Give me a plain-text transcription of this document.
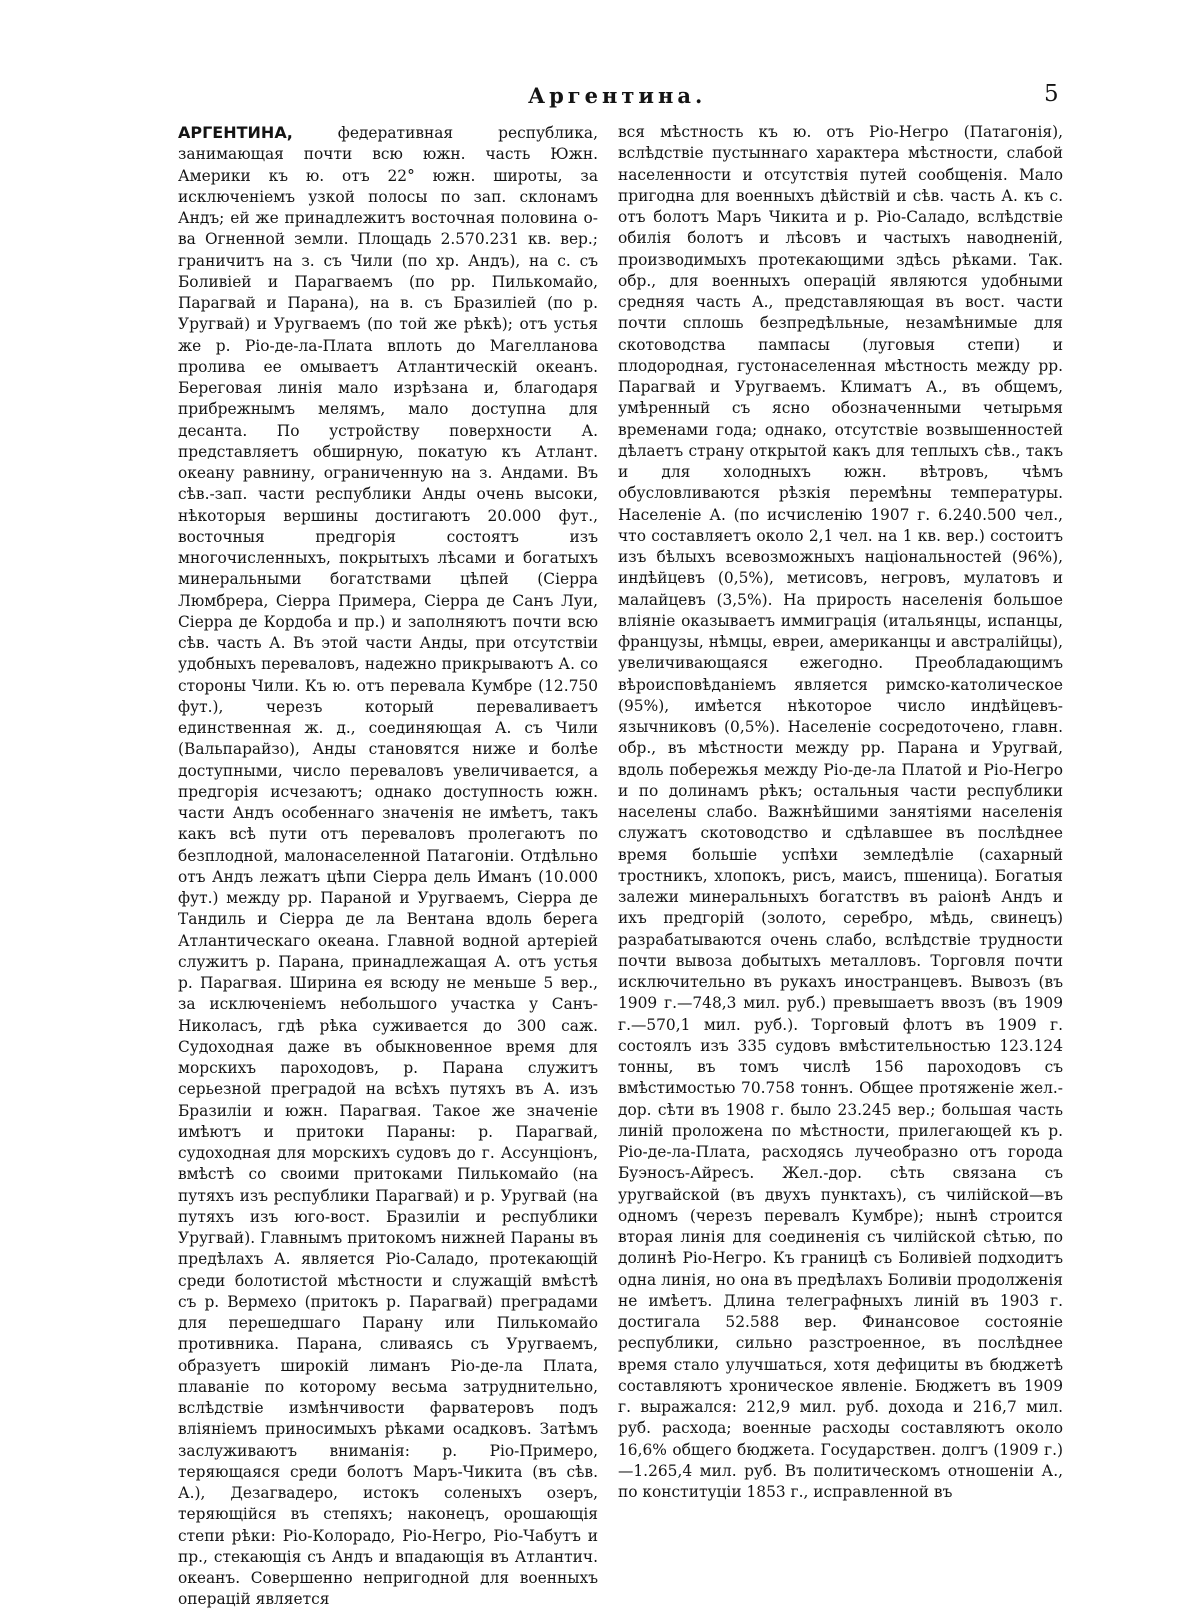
Аргентина.	5

АРГЕНТИНА,	федеративная республика, занимающая почти всю южн. часть Южн. Америки къ ю. отъ 22° южн. широты, за исключеніемъ узкой полосы по зап. склонамъ Андъ; ей же принадлежитъ восточная половина о-ва Огненной земли. Площадь 2.570.231 кв. вер.; граничитъ на з. съ Чили (по хр. Андъ), на с. съ Боливіей и Парагваемъ (по рр. Пилькомайо, Парагвай и Парана), на в. съ Бразиліей (по р. Уругвай) и Уругваемъ (по той же рѣкѣ); отъ устья же р. Ріо-де-ла-Плата вплоть до Магелланова пролива ее омываетъ Атлантическій океанъ. Береговая линія мало изрѣзана и, благодаря прибрежнымъ мелямъ, мало доступна для десанта. По устройству поверхности А. представляетъ обширную, покатую къ Атлант. океану равнину, ограниченную на з. Андами. Въ сѣв.-зап. части республики Анды очень высоки, нѣкоторыя вершины достигаютъ 20.000 фут., восточныя предгорія состоятъ изъ многочисленныхъ, покрытыхъ лѣсами и богатыхъ минеральными богатствами цѣпей (Сіерра Люмбрера, Сіерра Примера, Сіерра де Санъ Луи, Сіерра де Кордоба и пр.) и заполняютъ почти всю сѣв. часть А. Въ этой части Анды, при отсутствіи удобныхъ переваловъ, надежно прикрываютъ А. со стороны Чили. Къ ю. отъ перевала Кумбре (12.750 фут.), черезъ который переваливаетъ единственная ж. д., соединяющая А. съ Чили (Вальпарайзо), Анды становятся ниже и болѣе доступными, число переваловъ увеличивается, а предгорія исчезаютъ; однако доступность южн. части Андъ особеннаго значенія не имѣетъ, такъ какъ всѣ пути отъ переваловъ пролегаютъ по безплодной, малонаселенной Патагоніи. Отдѣльно отъ Андъ лежатъ цѣпи Сіерра дель Иманъ (10.000 фут.) между рр. Параной и Уругваемъ, Сіерра де Тандиль и Сіерра де ла Вентана вдоль берега Атлантическаго океана. Главной водной артеріей служитъ р. Парана, принадлежащая А. отъ устья р. Парагвая. Ширина ея всюду не меньше 5 вер., за исключеніемъ небольшого участка у Санъ-Николасъ, гдѣ рѣка суживается до 300 саж. Судоходная даже въ обыкновенное время для морскихъ пароходовъ, р. Парана служитъ серьезной преградой на всѣхъ путяхъ въ А. изъ Бразиліи и южн. Парагвая. Такое же значеніе имѣютъ и притоки Параны: р. Парагвай, судоходная для морскихъ судовъ до г. Ассунціонъ, вмѣстѣ со своими притоками Пилькомайо (на путяхъ изъ республики Парагвай) и р. Уругвай (на путяхъ изъ юго-вост. Бразиліи и республики Уругвай). Главнымъ притокомъ нижней Параны въ предѣлахъ А. является Ріо-Саладо, протекающій среди болотистой мѣстности и служащій вмѣстѣ съ р. Вермехо (притокъ р. Парагвай) преградами для перешедшаго Парану или Пилькомайо противника. Парана, сливаясь съ Уругваемъ, образуетъ широкій лиманъ Ріо-де-ла Плата, плаваніе по которому весьма затруднительно, вслѣдствіе измѣнчивости фарватеровъ подъ вліяніемъ приносимыхъ рѣками осадковъ. Затѣмъ заслуживаютъ вниманія: р. Ріо-Примеро, теряющаяся среди болотъ Маръ-Чикита (въ сѣв. А.), Дезагвадеро, истокъ соленыхъ озеръ, теряющійся въ степяхъ; наконецъ, орошающія степи рѣки: Ріо-Колорадо, Ріо-Негро, Ріо-Чабутъ и пр., стекающія съ Андъ и впадающія въ Атлантич. океанъ. Совершенно непригодной для военныхъ операцій является

вся мѣстность къ ю. отъ Ріо-Негро (Патагонія), вслѣдствіе пустыннаго характера мѣстности, слабой населенности и отсутствія путей сообщенія. Мало пригодна для военныхъ дѣйствій и сѣв. часть А. къ с. отъ болотъ Маръ Чикита и р. Ріо-Саладо, вслѣдствіе обилія болотъ и лѣсовъ и частыхъ наводненій, производимыхъ протекающими здѣсь рѣками. Так. обр., для военныхъ операцій являются удобными средняя часть А., представляющая въ вост. части почти сплошь безпредѣльные, незамѣнимые для скотоводства пампасы (луговыя степи) и плодородная, густонаселенная мѣстность между рр. Парагвай и Уругваемъ. Климатъ А., въ общемъ, умѣренный съ ясно обозначенными четырьмя временами года; однако, отсутствіе возвышенностей дѣлаетъ страну открытой какъ для теплыхъ сѣв., такъ и для холодныхъ южн. вѣтровъ, чѣмъ обусловливаются рѣзкія перемѣны температуры. Населеніе А. (по исчисленію 1907 г. 6.240.500 чел., что составляетъ около 2,1 чел. на 1 кв. вер.) состоитъ изъ бѣлыхъ всевозможныхъ національностей (96%), индѣйцевъ (0,5%), метисовъ, негровъ, мулатовъ и малайцевъ (3,5%). На прирость населенія большое вліяніе оказываетъ иммиграція (итальянцы, испанцы, французы, нѣмцы, евреи, американцы и австралійцы), увеличивающаяся ежегодно. Преобладающимъ вѣроисповѣданіемъ является римско-католическое (95%), имѣется нѣкоторое число индѣйцевъ-язычниковъ (0,5%). Населеніе сосредоточено, главн. обр., въ мѣстности между рр. Парана и Уругвай, вдоль побережья между Ріо-де-ла Платой и Ріо-Негро и по долинамъ рѣкъ; остальныя части республики населены слабо. Важнѣйшими занятіями населенія служатъ скотоводство и сдѣлавшее въ послѣднее время большіе успѣхи земледѣліе (сахарный тростникъ, хлопокъ, рисъ, маисъ, пшеница). Богатыя залежи минеральныхъ богатствъ въ раіонѣ Андъ и ихъ предгорій (золото, серебро, мѣдь, свинецъ) разрабатываются очень слабо, вслѣдствіе трудности почти вывоза добытыхъ металловъ. Торговля почти исключительно въ рукахъ иностранцевъ. Вывозъ (въ 1909 г.—748,3 мил. руб.) превышаетъ ввозъ (въ 1909 г.—570,1 мил. руб.). Торговый флотъ въ 1909 г. состоялъ изъ 335 судовъ вмѣстительностью 123.124 тонны, въ томъ числѣ 156 пароходовъ съ вмѣстимостью 70.758 тоннъ. Общее протяженіе жел.-дор. сѣти въ 1908 г. было 23.245 вер.; большая часть линій проложена по мѣстности, прилегающей къ р. Ріо-де-ла-Плата, расходясь лучеобразно отъ города Буэносъ-Айресъ. Жел.-дор. сѣть связана съ уругвайской (въ двухъ пунктахъ), съ чилійской—въ одномъ (черезъ перевалъ Кумбре); нынѣ строится вторая линія для соединенія съ чилійской сѣтью, по долинѣ Ріо-Негро. Къ границѣ съ Боливіей подходитъ одна линія, но она въ предѣлахъ Боливіи продолженія не имѣетъ. Длина телеграфныхъ линій въ 1903 г. достигала 52.588 вер. Финансовое состояніе республики, сильно разстроенное, въ послѣднее время стало улучшаться, хотя дефициты въ бюджетѣ составляютъ хроническое явленіе. Бюджетъ въ 1909 г. выражался: 212,9 мил. руб. дохода и 216,7 мил. руб. расхода; военные расходы составляютъ около 16,6% общего бюджета. Государствен. долгъ (1909 г.)—1.265,4 мил. руб. Въ политическомъ отношеніи А., по конституціи 1853 г., исправленной въ
